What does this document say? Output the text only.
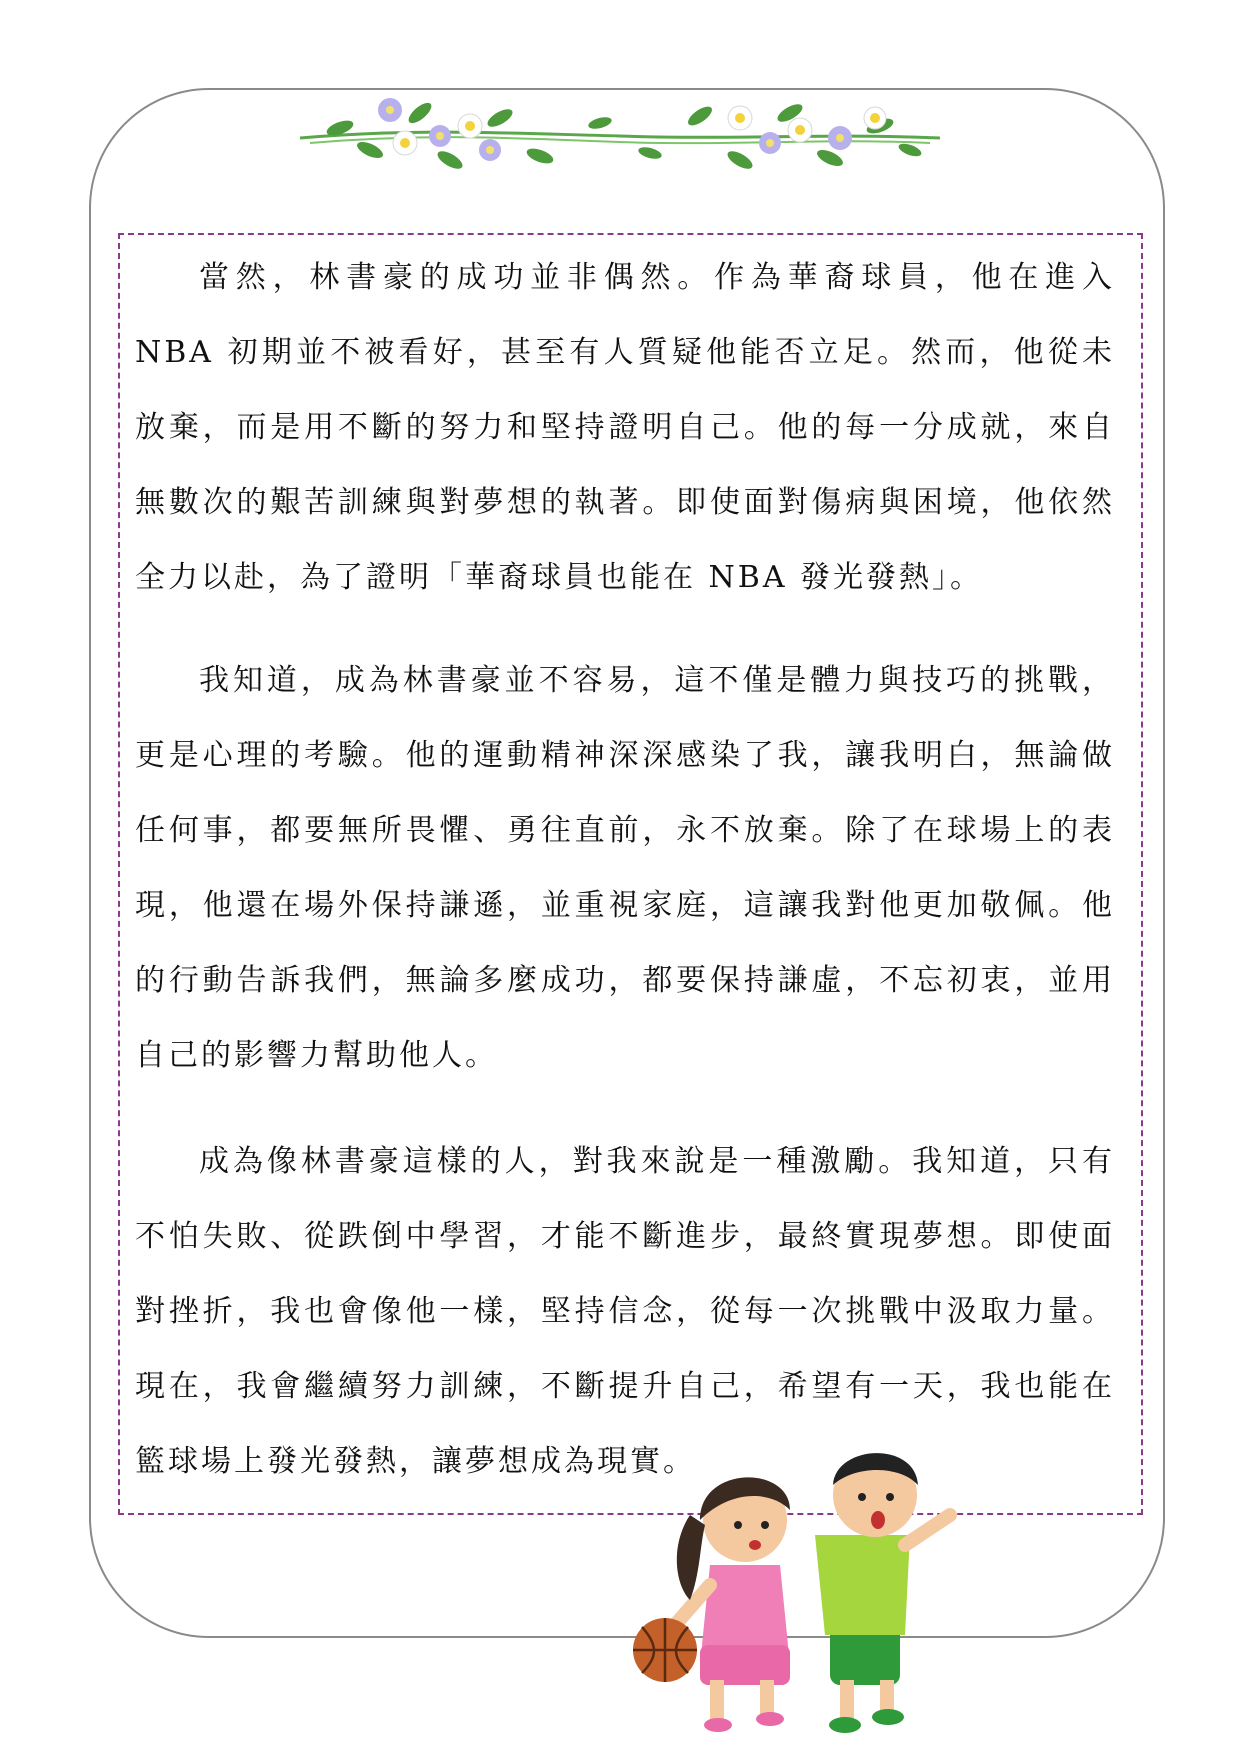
當然，林書豪的成功並非偶然。作為華裔球員，他在進入 NBA 初期並不被看好，甚至有人質疑他能否立足。然而，他從未放棄，而是用不斷的努力和堅持證明自己。他的每一分成就，來自無數次的艱苦訓練與對夢想的執著。即使面對傷病與困境，他依然全力以赴，為了證明「華裔球員也能在 NBA 發光發熱」。

我知道，成為林書豪並不容易，這不僅是體力與技巧的挑戰，更是心理的考驗。他的運動精神深深感染了我，讓我明白，無論做任何事，都要無所畏懼、勇往直前，永不放棄。除了在球場上的表現，他還在場外保持謙遜，並重視家庭，這讓我對他更加敬佩。他的行動告訴我們，無論多麼成功，都要保持謙虛，不忘初衷，並用自己的影響力幫助他人。

成為像林書豪這樣的人，對我來說是一種激勵。我知道，只有不怕失敗、從跌倒中學習，才能不斷進步，最終實現夢想。即使面對挫折，我也會像他一樣，堅持信念，從每一次挑戰中汲取力量。現在，我會繼續努力訓練，不斷提升自己，希望有一天，我也能在籃球場上發光發熱，讓夢想成為現實。
